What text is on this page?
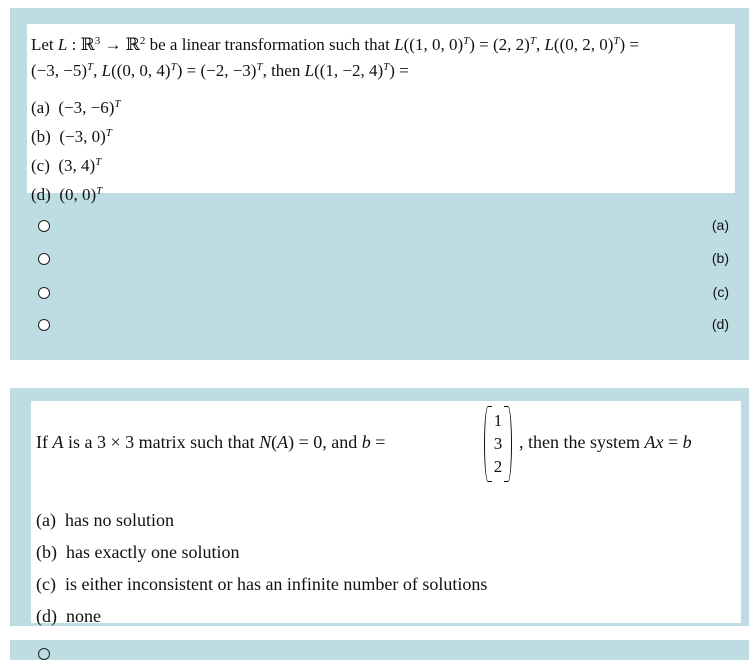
Let L : ℝ$^3$ → ℝ$^2$ be a linear transformation such that L((1, 0, 0)$^T$) = (2, 2)$^T$, L((0, 2, 0)$^T$) =
(−3, −5)$^T$, L((0, 0, 4)$^T$) = (−2, −3)$^T$, then L((1, −2, 4)$^T$) =
(a) (−3, −6)$^T$
(b) (−3, 0)$^T$
(c) (3, 4)$^T$
(d) (0, 0)$^T$
(a)
(b)
(c)
(d)
If A is a 3 × 3 matrix such that N(A) = 0, and b =
1
3
2
, then the system Ax = b
(a) has no solution
(b) has exactly one solution
(c) is either inconsistent or has an infinite number of solutions
(d) none
